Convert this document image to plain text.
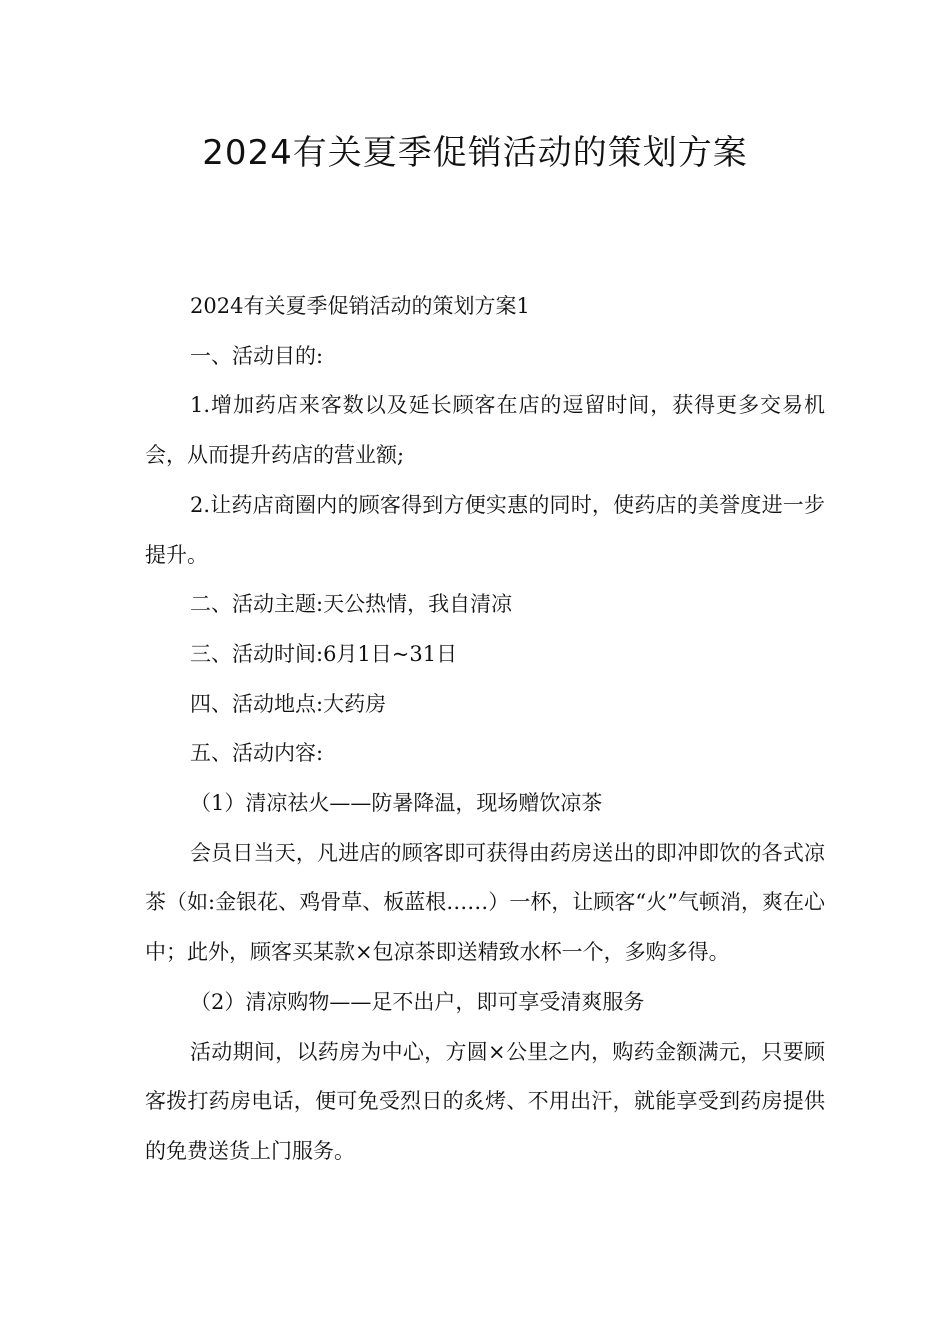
2024有关夏季促销活动的策划方案

2024有关夏季促销活动的策划方案1

一、活动目的:

1.增加药店来客数以及延长顾客在店的逗留时间，获得更多交易机会，从而提升药店的营业额;

2.让药店商圈内的顾客得到方便实惠的同时，使药店的美誉度进一步提升。

二、活动主题:天公热情，我自清凉

三、活动时间:6月1日~31日

四、活动地点:大药房

五、活动内容:

（1）清凉祛火——防暑降温，现场赠饮凉茶

会员日当天，凡进店的顾客即可获得由药房送出的即冲即饮的各式凉茶（如:金银花、鸡骨草、板蓝根……）一杯，让顾客“火”气顿消，爽在心中；此外，顾客买某款×包凉茶即送精致水杯一个，多购多得。

（2）清凉购物——足不出户，即可享受清爽服务

活动期间，以药房为中心，方圆×公里之内，购药金额满元，只要顾客拨打药房电话，便可免受烈日的炙烤、不用出汗，就能享受到药房提供的免费送货上门服务。
